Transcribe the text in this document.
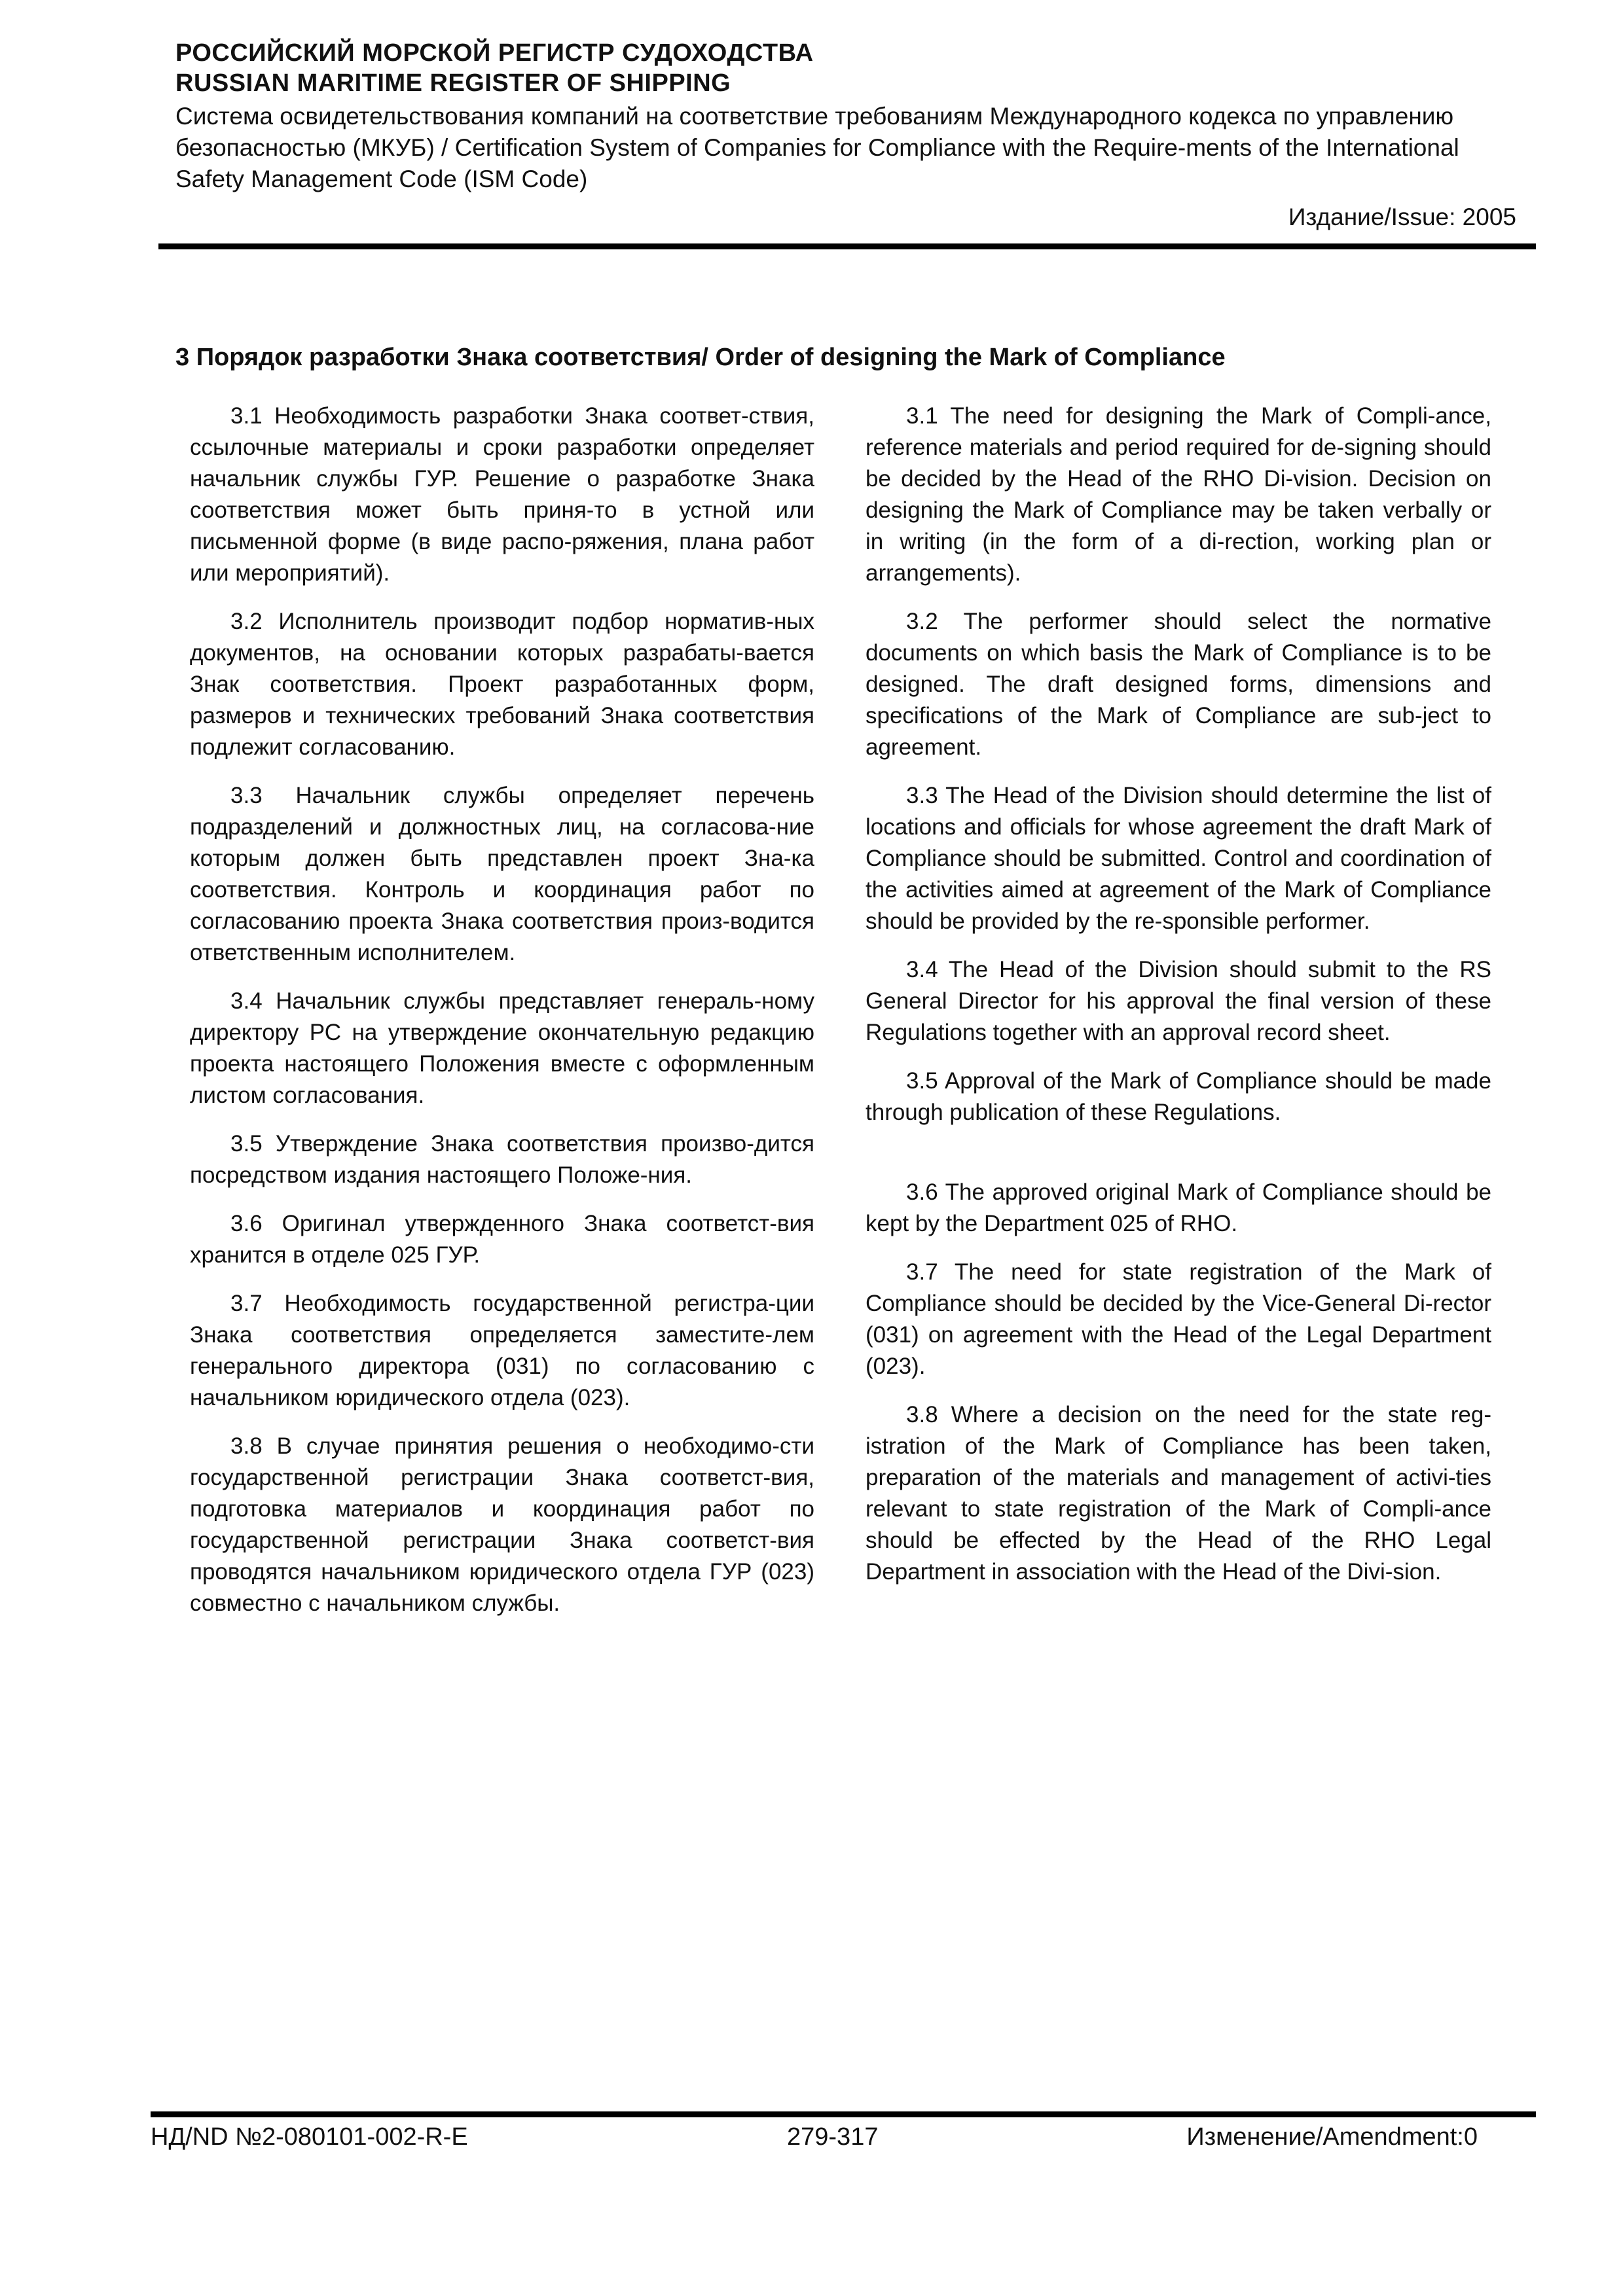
РОССИЙСКИЙ МОРСКОЙ РЕГИСТР СУДОХОДСТВА
RUSSIAN MARITIME REGISTER OF SHIPPING
Система освидетельствования компаний на соответствие требованиям Международного кодекса по управлению безопасностью (МКУБ) / Certification System of Companies for Compliance with the Require-ments of the International Safety Management Code (ISM Code)
Издание/Issue: 2005
3 Порядок разработки Знака соответствия/ Order of designing the Mark of Compliance

3.1 Необходимость разработки Знака соответ-ствия, ссылочные материалы и сроки разработки определяет начальник службы ГУР. Решение о разработке Знака соответствия может быть приня-то в устной или письменной форме (в виде распо-ряжения, плана работ или мероприятий).

3.2 Исполнитель производит подбор норматив-ных документов, на основании которых разрабаты-вается Знак соответствия. Проект разработанных форм, размеров и технических требований Знака соответствия подлежит согласованию.

3.3 Начальник службы определяет перечень подразделений и должностных лиц, на согласова-ние которым должен быть представлен проект Зна-ка соответствия. Контроль и координация работ по согласованию проекта Знака соответствия произ-водится ответственным исполнителем.

3.4 Начальник службы представляет генераль-ному директору РС на утверждение окончательную редакцию проекта настоящего Положения вместе с оформленным листом согласования.

3.5 Утверждение Знака соответствия произво-дится посредством издания настоящего Положе-ния.

3.6 Оригинал утвержденного Знака соответст-вия хранится в отделе 025 ГУР.

3.7 Необходимость государственной регистра-ции Знака соответствия определяется заместите-лем генерального директора (031) по согласованию с начальником юридического отдела (023).

3.8 В случае принятия решения о необходимо-сти государственной регистрации Знака соответст-вия, подготовка материалов и координация работ по государственной регистрации Знака соответст-вия проводятся начальником юридического отдела ГУР (023) совместно с начальником службы.

3.1 The need for designing the Mark of Compli-ance, reference materials and period required for de-signing should be decided by the Head of the RHO Di-vision. Decision on designing the Mark of Compliance may be taken verbally or in writing (in the form of a di-rection, working plan or arrangements).

3.2 The performer should select the normative documents on which basis the Mark of Compliance is to be designed. The draft designed forms, dimensions and specifications of the Mark of Compliance are sub-ject to agreement.

3.3 The Head of the Division should determine the list of locations and officials for whose agreement the draft Mark of Compliance should be submitted. Control and coordination of the activities aimed at agreement of the Mark of Compliance should be provided by the re-sponsible performer.

3.4 The Head of the Division should submit to the RS General Director for his approval the final version of these Regulations together with an approval record sheet.

3.5 Approval of the Mark of Compliance should be made through publication of these Regulations.

3.6 The approved original Mark of Compliance should be kept by the Department 025 of RHO.

3.7 The need for state registration of the Mark of Compliance should be decided by the Vice-General Di-rector (031) on agreement with the Head of the Legal Department (023).

3.8 Where a decision on the need for the state reg-istration of the Mark of Compliance has been taken, preparation of the materials and management of activi-ties relevant to state registration of the Mark of Compli-ance should be effected by the Head of the RHO Legal Department in association with the Head of the Divi-sion.

НД/ND №2-080101-002-R-E	279-317	Изменение/Amendment:0
